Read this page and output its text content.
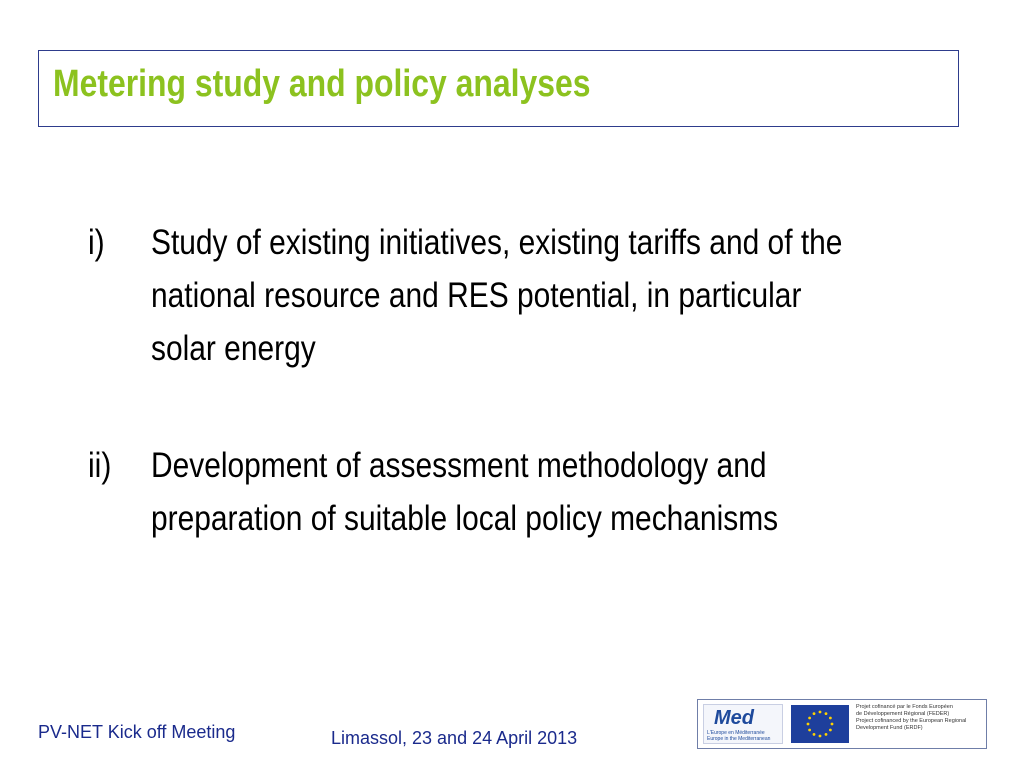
Metering study and policy analyses
i) Study of existing initiatives, existing tariffs and of the
national resource and RES potential, in particular
solar energy
ii) Development of assessment methodology and
preparation of suitable local policy mechanisms
PV-NET Kick off Meeting	Limassol, 23 and 24 April 2013
Med
L'Europe en Méditerranée
Europe in the Mediterranean
Projet cofinancé par le Fonds Européen
de Développement Régional (FEDER)
Project cofinanced by the European Regional
Development Fund (ERDF)
